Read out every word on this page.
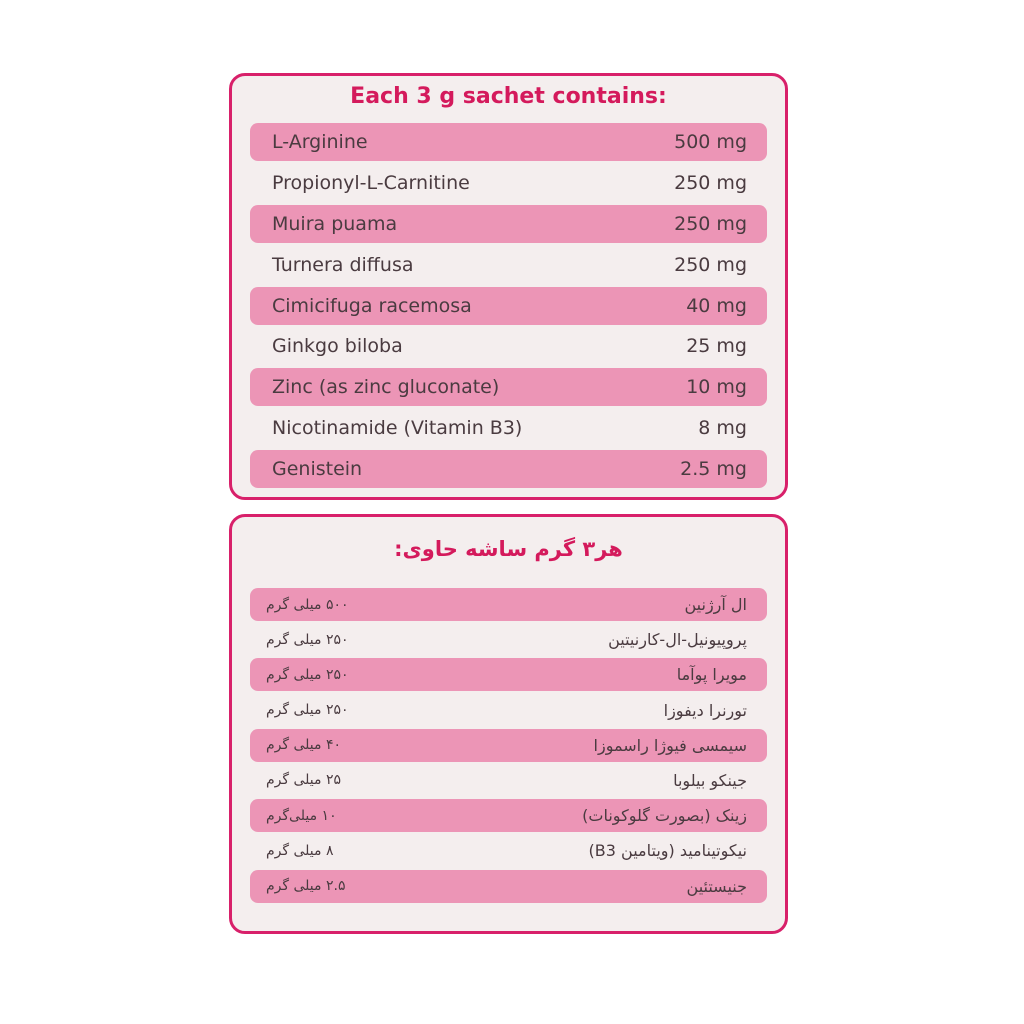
Each 3 g sachet contains:
L-Arginine	500 mg
Propionyl-L-Carnitine	250 mg
Muira puama	250 mg
Turnera diffusa	250 mg
Cimicifuga racemosa	40 mg
Ginkgo biloba	25 mg
Zinc (as zinc gluconate)	10 mg
Nicotinamide (Vitamin B3)	8 mg
Genistein	2.5 mg
هر۳ گرم ساشه حاوی:
۵۰۰ میلی گرم	ال آرژنین
۲۵۰ میلی گرم	پروپیونیل-ال-کارنیتین
۲۵۰ میلی گرم	مویرا پوآما
۲۵۰ میلی گرم	تورنرا دیفوزا
۴۰ میلی گرم	سیمسی فیوژا راسموزا
۲۵ میلی گرم	جینکو بیلوبا
۱۰ میلی‌گرم	زینک (بصورت گلوکونات)
۸ میلی گرم	نیکوتینامید (ویتامین B3)
۲.۵ میلی گرم	جنیستئین
